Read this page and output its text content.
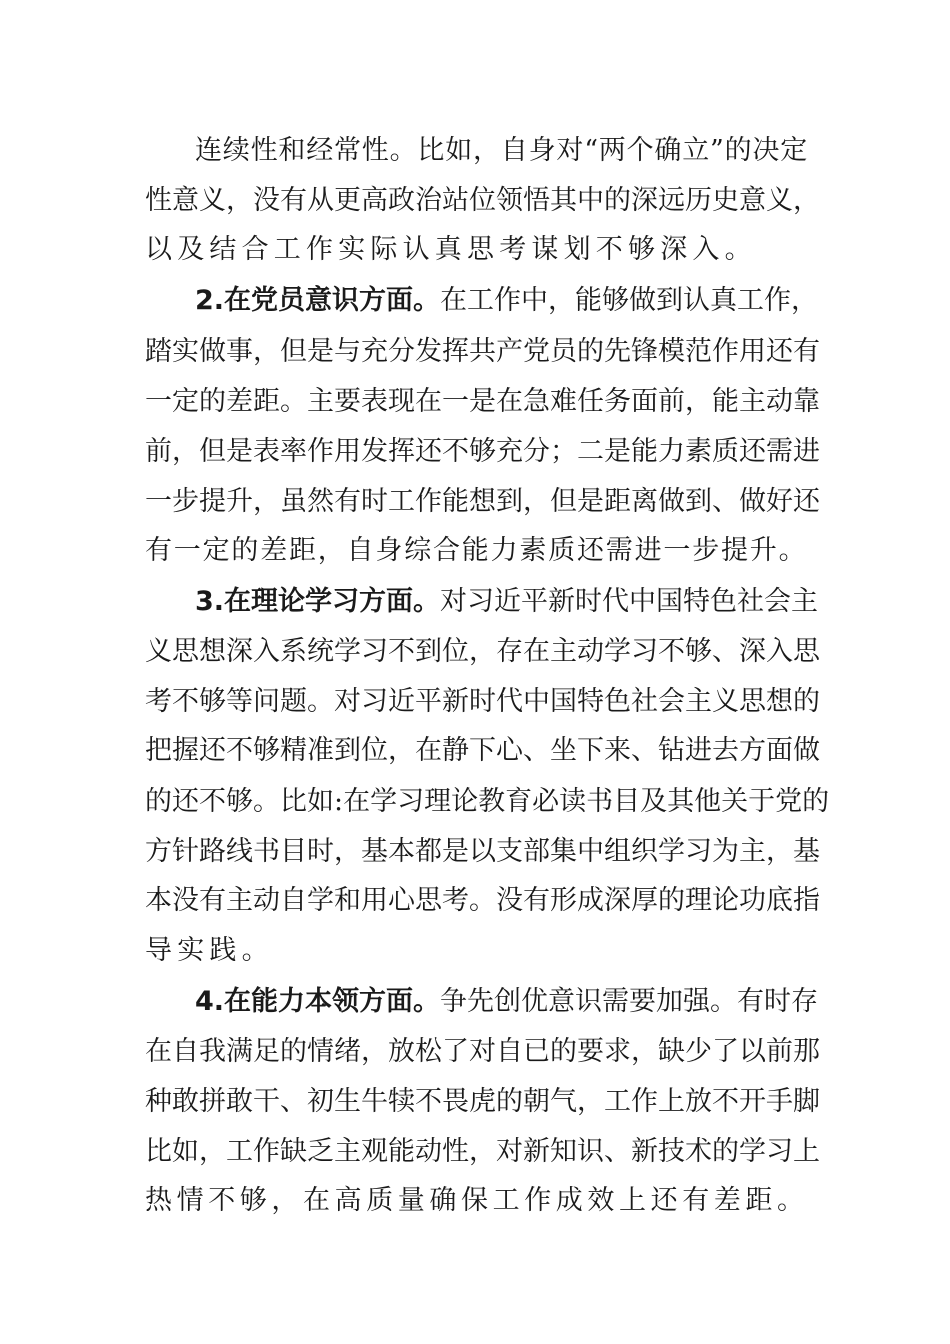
连续性和经常性。比如，自身对“两个确立”的决定
性意义，没有从更高政治站位领悟其中的深远历史意义，
以及结合工作实际认真思考谋划不够深入。
2.在党员意识方面。在工作中，能够做到认真工作，
踏实做事，但是与充分发挥共产党员的先锋模范作用还有
一定的差距。主要表现在一是在急难任务面前，能主动靠
前，但是表率作用发挥还不够充分；二是能力素质还需进
一步提升，虽然有时工作能想到，但是距离做到、做好还
有一定的差距，自身综合能力素质还需进一步提升。
3.在理论学习方面。对习近平新时代中国特色社会主
义思想深入系统学习不到位，存在主动学习不够、深入思
考不够等问题。对习近平新时代中国特色社会主义思想的
把握还不够精准到位，在静下心、坐下来、钻进去方面做
的还不够。比如:在学习理论教育必读书目及其他关于党的
方针路线书目时，基本都是以支部集中组织学习为主，基
本没有主动自学和用心思考。没有形成深厚的理论功底指
导实践。
4.在能力本领方面。争先创优意识需要加强。有时存
在自我满足的情绪，放松了对自已的要求，缺少了以前那
种敢拼敢干、初生牛犊不畏虎的朝气，工作上放不开手脚
比如，工作缺乏主观能动性，对新知识、新技术的学习上
热情不够，在高质量确保工作成效上还有差距。
